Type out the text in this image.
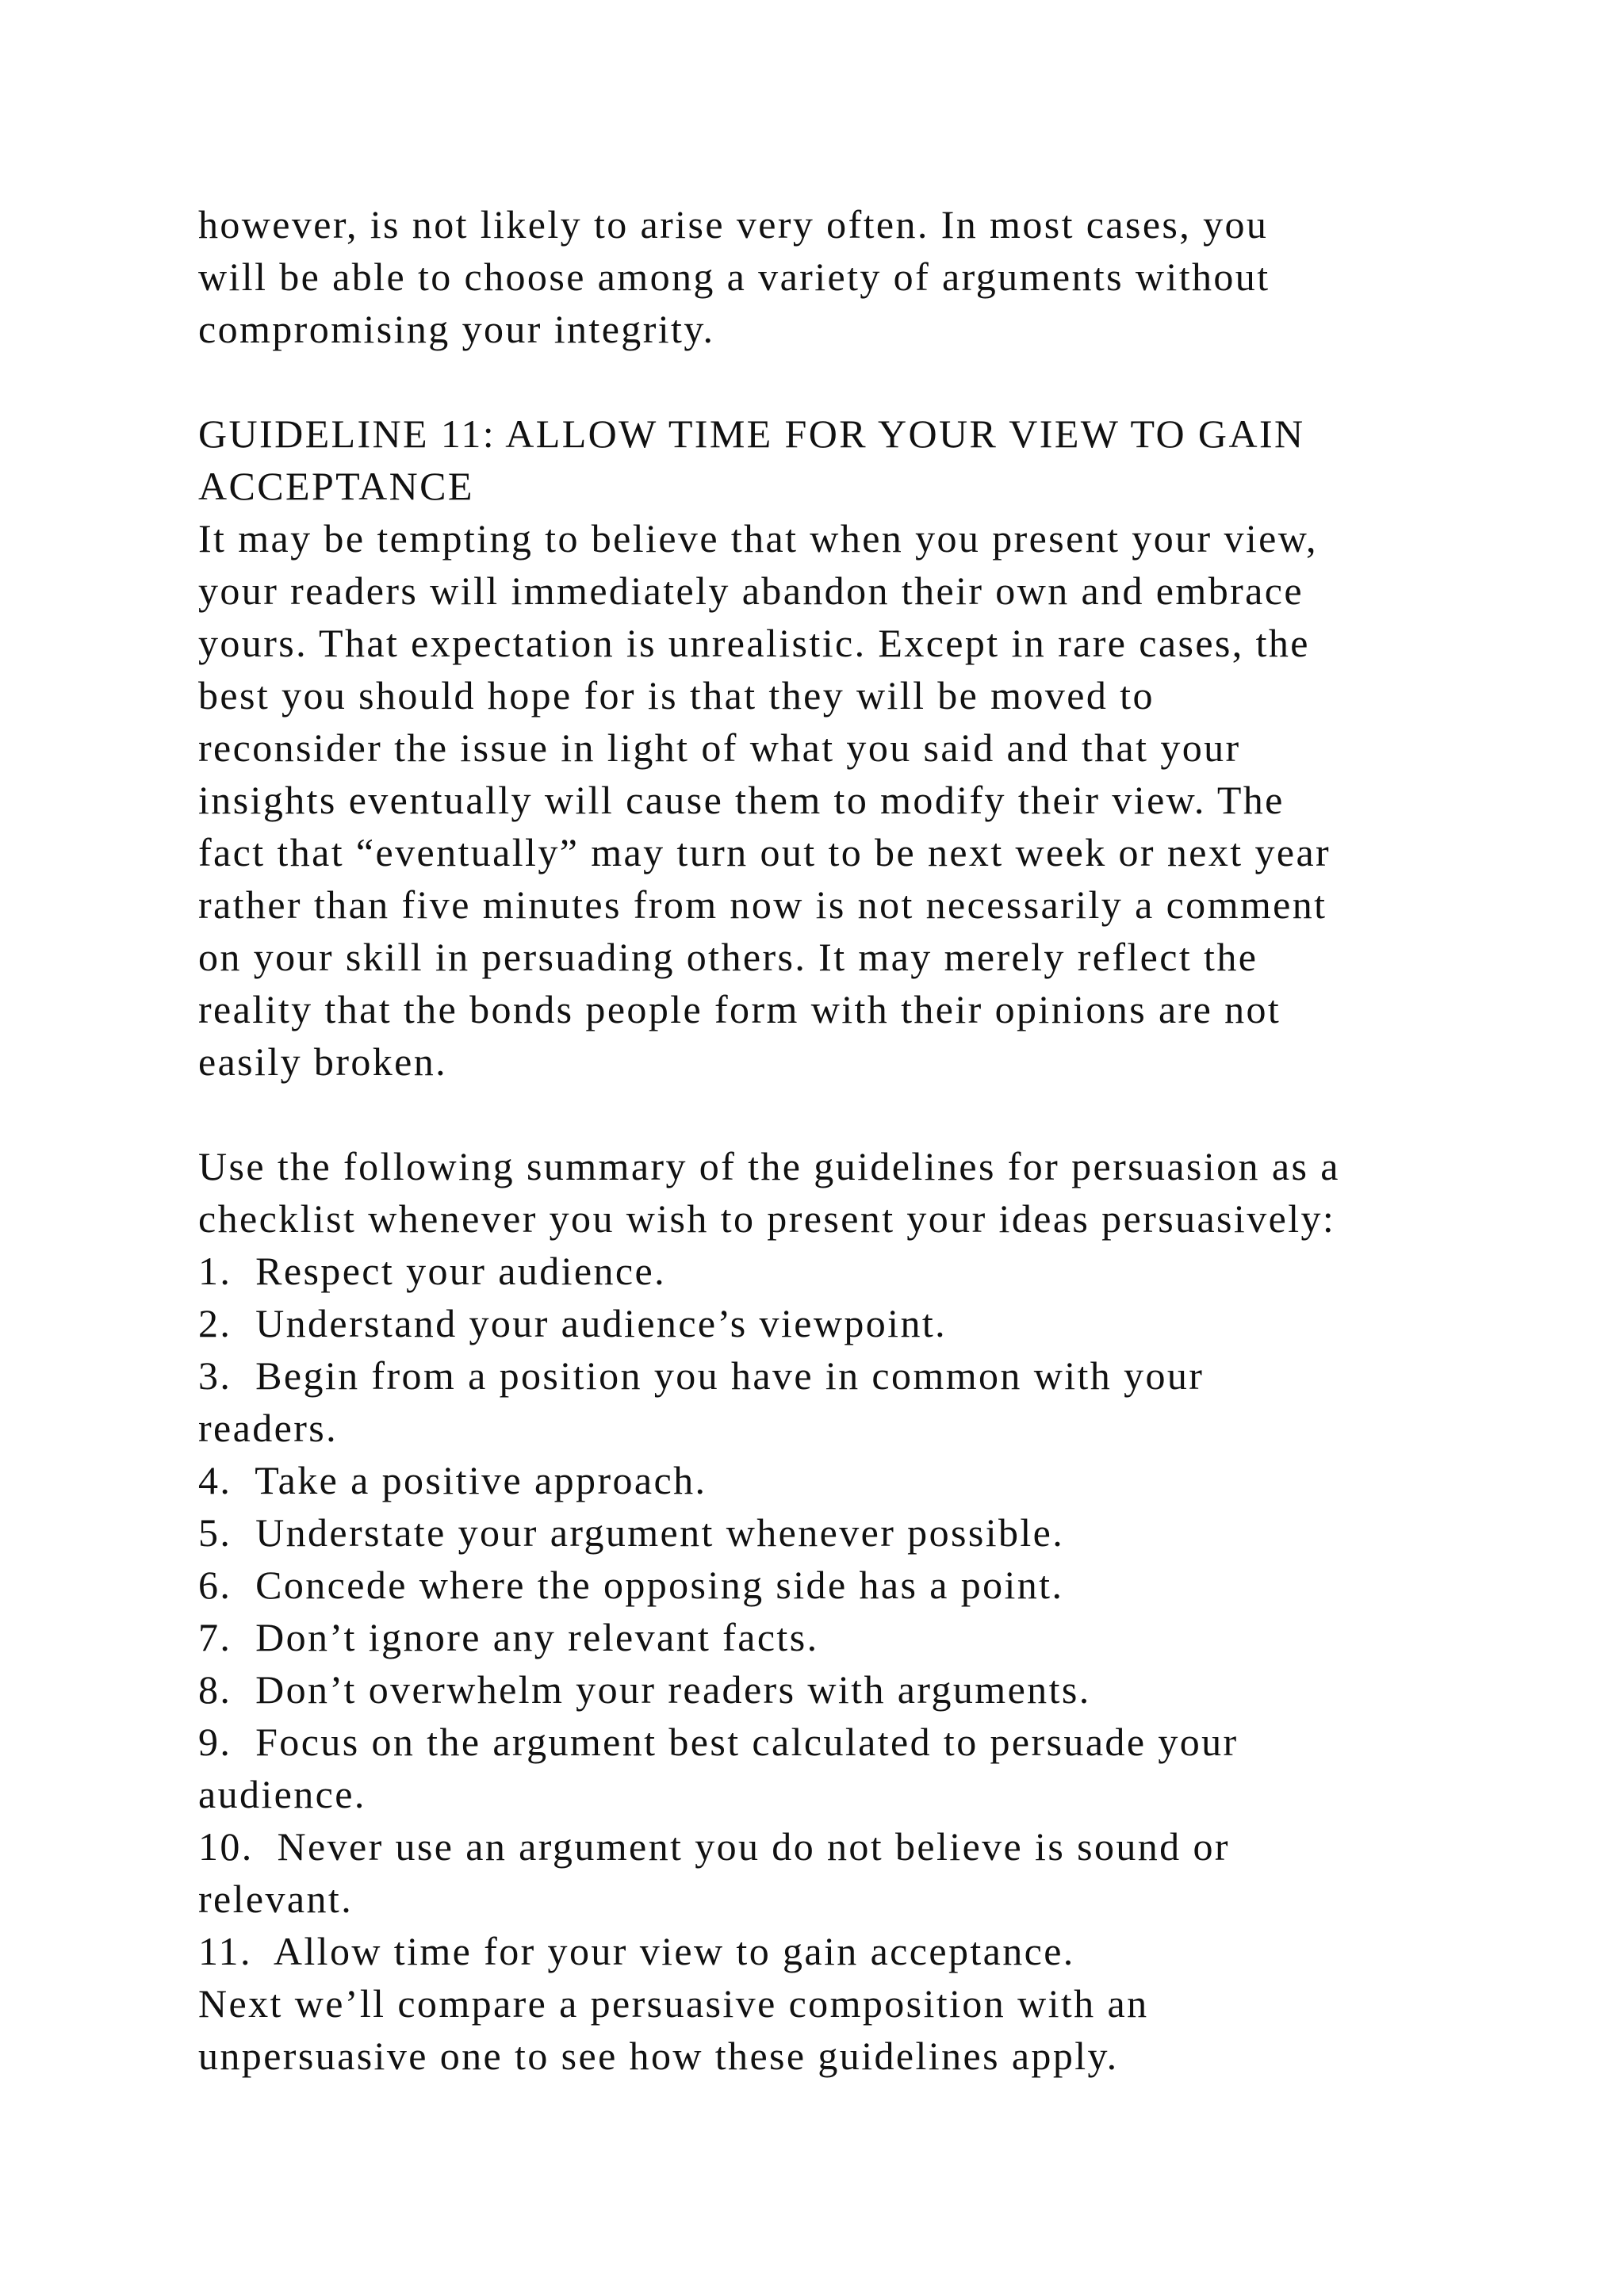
however, is not likely to arise very often. In most cases, you
will be able to choose among a variety of arguments without
compromising your integrity.
GUIDELINE 11: ALLOW TIME FOR YOUR VIEW TO GAIN
ACCEPTANCE
It may be tempting to believe that when you present your view,
your readers will immediately abandon their own and embrace
yours. That expectation is unrealistic. Except in rare cases, the
best you should hope for is that they will be moved to
reconsider the issue in light of what you said and that your
insights eventually will cause them to modify their view. The
fact that “eventually” may turn out to be next week or next year
rather than five minutes from now is not necessarily a comment
on your skill in persuading others. It may merely reflect the
reality that the bonds people form with their opinions are not
easily broken.
Use the following summary of the guidelines for persuasion as a
checklist whenever you wish to present your ideas persuasively:
1.  Respect your audience.
2.  Understand your audience’s viewpoint.
3.  Begin from a position you have in common with your
readers.
4.  Take a positive approach.
5.  Understate your argument whenever possible.
6.  Concede where the opposing side has a point.
7.  Don’t ignore any relevant facts.
8.  Don’t overwhelm your readers with arguments.
9.  Focus on the argument best calculated to persuade your
audience.
10.  Never use an argument you do not believe is sound or
relevant.
11.  Allow time for your view to gain acceptance.
Next we’ll compare a persuasive composition with an
unpersuasive one to see how these guidelines apply.
